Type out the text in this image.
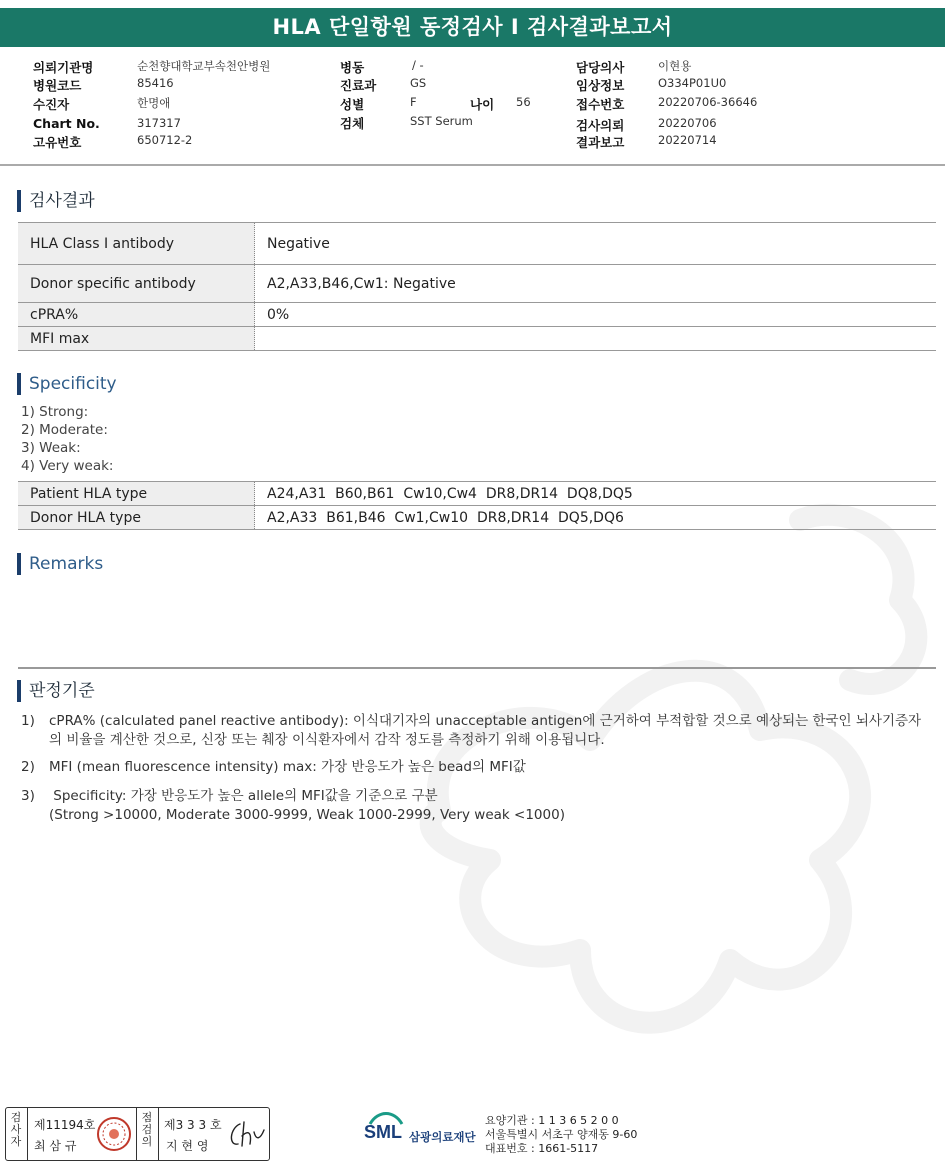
HLA 단일항원 동정검사 I 검사결과보고서
의뢰기관명	순천향대학교부속천안병원
병원코드	85416
수진자	한명애
Chart No.	317317
고유번호	650712-2
병동	/ -
진료과	GS
성별	F	나이 56
검체	SST Serum
담당의사	이현용
임상정보	O334P01U0
접수번호	20220706-36646
검사의뢰	20220706
결과보고	20220714
검사결과
HLA Class I antibody	Negative
Donor specific antibody	A2,A33,B46,Cw1: Negative
cPRA%	0%
MFI max	
Specificity
1) Strong:
2) Moderate:
3) Weak:
4) Very weak:
Patient HLA type	A24,A31  B60,B61  Cw10,Cw4  DR8,DR14  DQ8,DQ5
Donor HLA type	A2,A33  B61,B46  Cw1,Cw10  DR8,DR14  DQ5,DQ6
Remarks
판정기준
1) cPRA% (calculated panel reactive antibody): 이식대기자의 unacceptable antigen에 근거하여 부적합할 것으로 예상되는 한국인 뇌사기증자의 비율을 계산한 것으로, 신장 또는 췌장 이식환자에서 감작 정도를 측정하기 위해 이용됩니다.
2) MFI (mean fluorescence intensity) max: 가장 반응도가 높은 bead의 MFI값
3) Specificity: 가장 반응도가 높은 allele의 MFI값을 기준으로 구분
(Strong >10000, Moderate 3000-9999, Weak 1000-2999, Very weak <1000)
검사자
제11194호
최 삼 규
점검의
제3 3 3 호
지 현 영
SML 삼광의료재단
요양기관 : 1 1 3 6 5 2 0 0
서울특별시 서초구 양재동 9-60
대표번호 : 1661-5117
